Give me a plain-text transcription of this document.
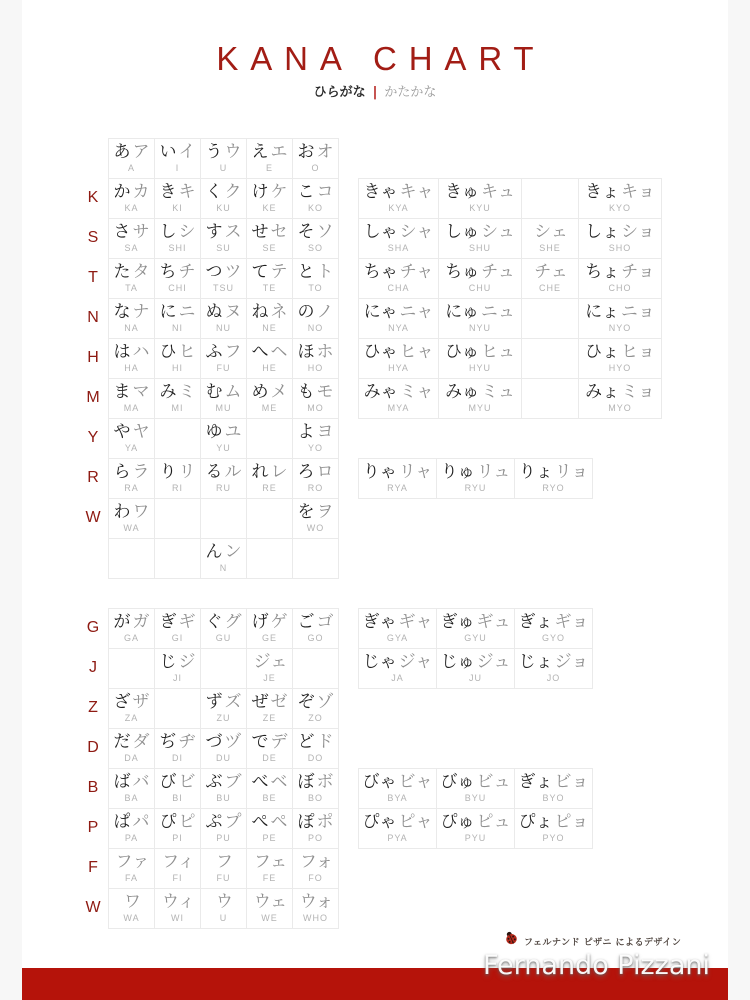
KANA CHART
ひらがな | かたかな
フェルナンド ピザニ によるデザイン
Fernando Pizzani
K
S
T
N
H
M
Y
R
W
あ ア
A
い イ
I
う ウ
U
え エ
E
お オ
O
か カ
KA
き キ
KI
く ク
KU
け ケ
KE
こ コ
KO
さ サ
SA
し シ
SHI
す ス
SU
せ セ
SE
そ ソ
SO
た タ
TA
ち チ
CHI
つ ツ
TSU
て テ
TE
と ト
TO
な ナ
NA
に ニ
NI
ぬ ヌ
NU
ね ネ
NE
の ノ
NO
は ハ
HA
ひ ヒ
HI
ふ フ
FU
へ ヘ
HE
ほ ホ
HO
ま マ
MA
み ミ
MI
む ム
MU
め メ
ME
も モ
MO
や ヤ
YA
ゆ ユ
YU
よ ヨ
YO
ら ラ
RA
り リ
RI
る ル
RU
れ レ
RE
ろ ロ
RO
わ ワ
WA
を ヲ
WO
ん ン
N
きゃ キャ
KYA
きゅ キュ
KYU
きょ キョ
KYO
しゃ シャ
SHA
しゅ シュ
SHU
シェ
SHE
しょ ショ
SHO
ちゃ チャ
CHA
ちゅ チュ
CHU
チェ
CHE
ちょ チョ
CHO
にゃ ニャ
NYA
にゅ ニュ
NYU
にょ ニョ
NYO
ひゃ ヒャ
HYA
ひゅ ヒュ
HYU
ひょ ヒョ
HYO
みゃ ミャ
MYA
みゅ ミュ
MYU
みょ ミョ
MYO
りゃ リャ
RYA
りゅ リュ
RYU
りょ リョ
RYO
G
J
Z
D
B
P
F
W
が ガ
GA
ぎ ギ
GI
ぐ グ
GU
げ ゲ
GE
ご ゴ
GO
じ ジ
JI
ジェ
JE
ざ ザ
ZA
ず ズ
ZU
ぜ ゼ
ZE
ぞ ゾ
ZO
だ ダ
DA
ぢ ヂ
DI
づ ヅ
DU
で デ
DE
ど ド
DO
ば バ
BA
び ビ
BI
ぶ ブ
BU
べ ベ
BE
ぼ ボ
BO
ぱ パ
PA
ぴ ピ
PI
ぷ プ
PU
ぺ ペ
PE
ぽ ポ
PO
ファ
FA
フィ
FI
フ
FU
フェ
FE
フォ
FO
ワ
WA
ウィ
WI
ウ
U
ウェ
WE
ウォ
WHO
ぎゃ ギャ
GYA
ぎゅ ギュ
GYU
ぎょ ギョ
GYO
じゃ ジャ
JA
じゅ ジュ
JU
じょ ジョ
JO
びゃ ビャ
BYA
びゅ ビュ
BYU
ぎょ ビョ
BYO
ぴゃ ピャ
PYA
ぴゅ ピュ
PYU
ぴょ ピョ
PYO
